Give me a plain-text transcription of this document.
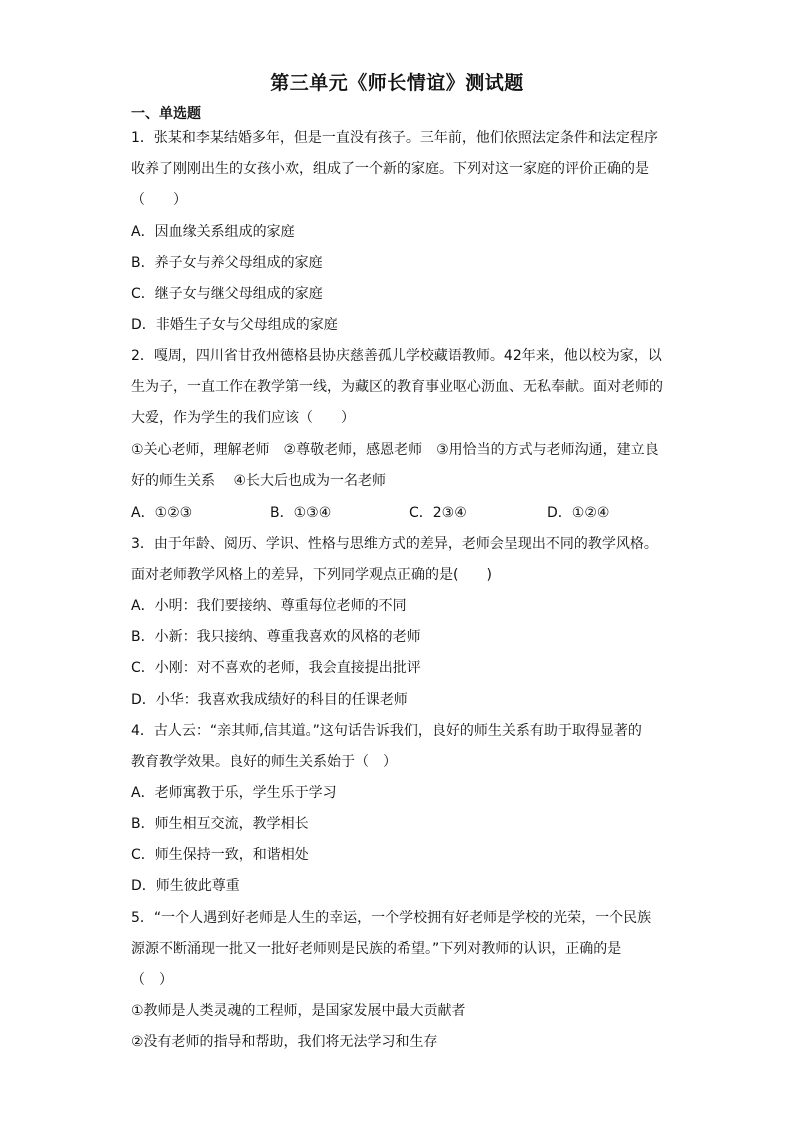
第三单元《师长情谊》测试题
一、单选题
1．张某和李某结婚多年，但是一直没有孩子。三年前，他们依照法定条件和法定程序
收养了刚刚出生的女孩小欢，组成了一个新的家庭。下列对这一家庭的评价正确的是
（　　）
A．因血缘关系组成的家庭
B．养子女与养父母组成的家庭
C．继子女与继父母组成的家庭
D．非婚生子女与父母组成的家庭
2．嘎周，四川省甘孜州德格县协庆慈善孤儿学校藏语教师。42年来，他以校为家，以
生为子，一直工作在教学第一线，为藏区的教育事业呕心沥血、无私奉献。面对老师的
大爱，作为学生的我们应该（　　）
①关心老师，理解老师　②尊敬老师，感恩老师　③用恰当的方式与老师沟通，建立良
好的师生关系　 ④长大后也成为一名老师
A．①②③	B．①③④	C．2③④	D．①②④
3．由于年龄、阅历、学识、性格与思维方式的差异，老师会呈现出不同的教学风格。
面对老师教学风格上的差异，下列同学观点正确的是(　　)
A．小明：我们要接纳、尊重每位老师的不同
B．小新：我只接纳、尊重我喜欢的风格的老师
C．小刚：对不喜欢的老师，我会直接提出批评
D．小华：我喜欢我成绩好的科目的任课老师
4．古人云：“亲其师,信其道。”这句话告诉我们，良好的师生关系有助于取得显著的
教育教学效果。良好的师生关系始于（　）
A．老师寓教于乐，学生乐于学习
B．师生相互交流，教学相长
C．师生保持一致，和谐相处
D．师生彼此尊重
5．“一个人遇到好老师是人生的幸运，一个学校拥有好老师是学校的光荣，一个民族
源源不断涌现一批又一批好老师则是民族的希望。”下列对教师的认识，正确的是
（　）
①教师是人类灵魂的工程师，是国家发展中最大贡献者
②没有老师的指导和帮助，我们将无法学习和生存
